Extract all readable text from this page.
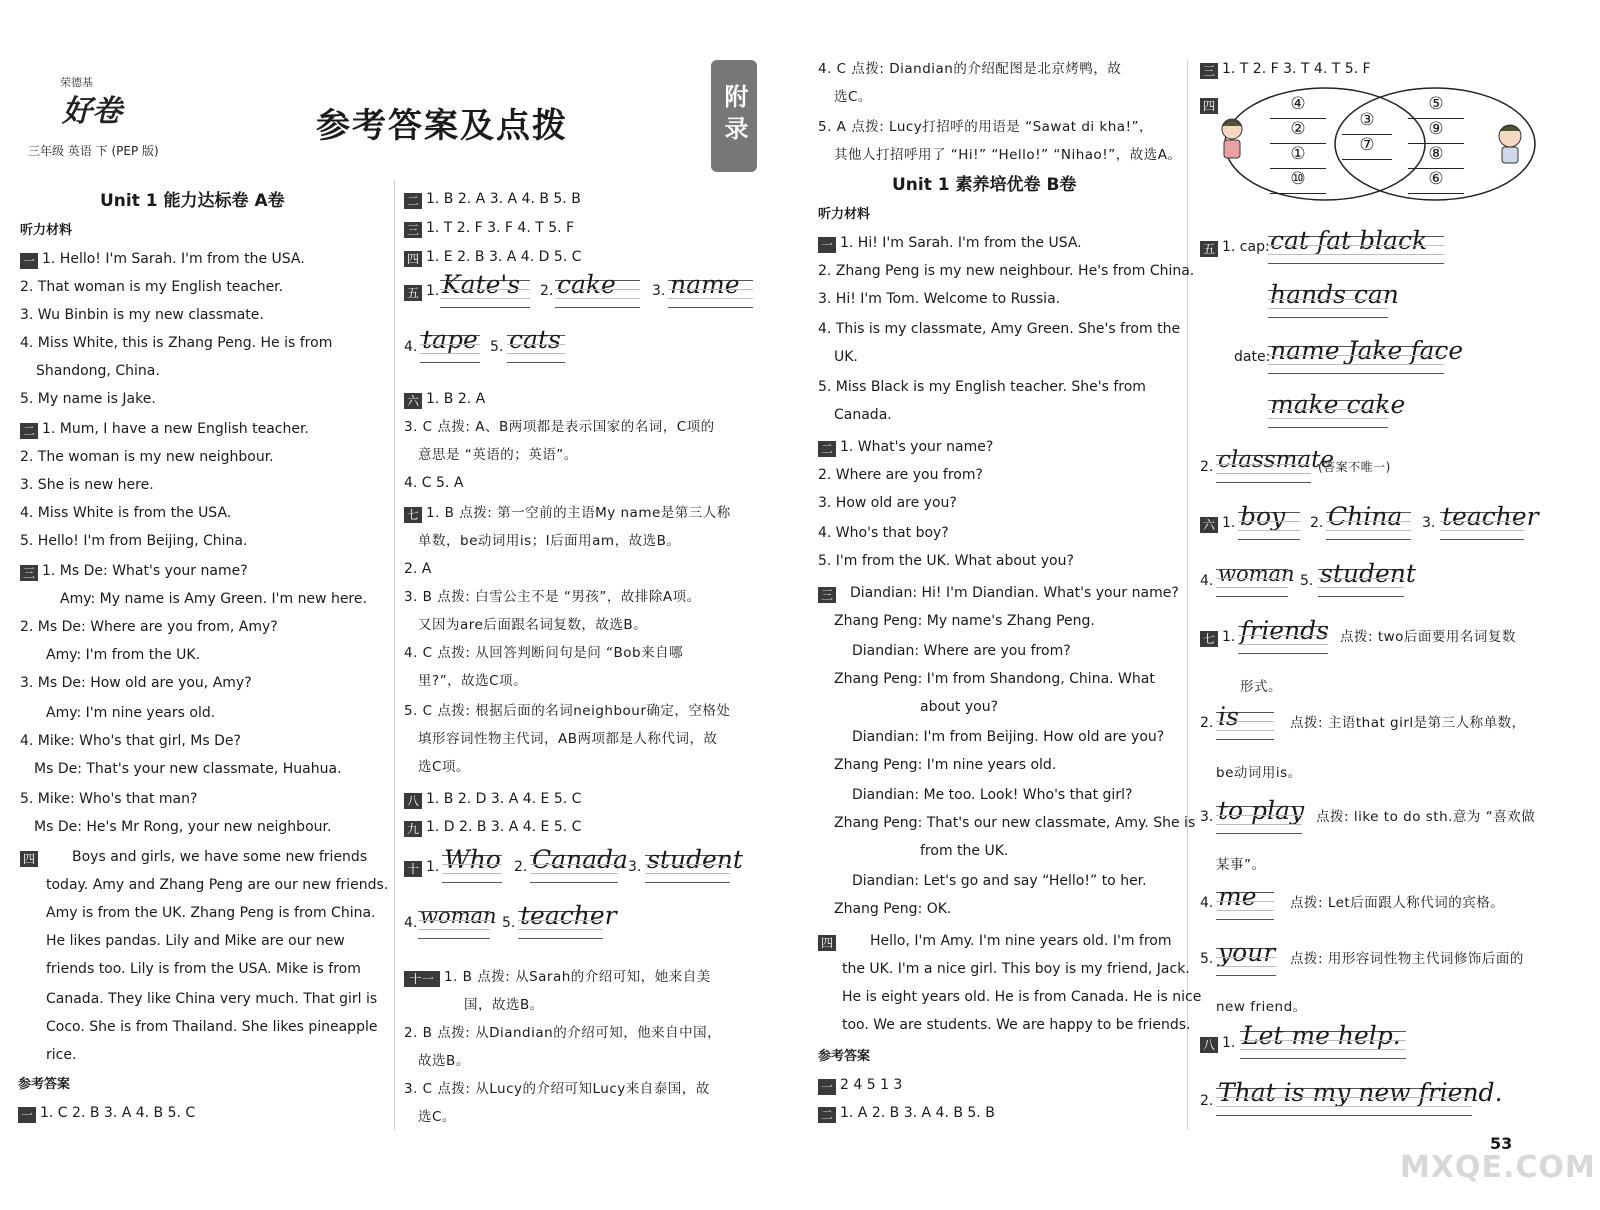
荣德基
好卷
三年级 英语 下 (PEP 版)
参考答案及点拨	附录
Unit 1 能力达标卷 A卷
听力材料
一 1. Hello! I'm Sarah. I'm from the USA.
2. That woman is my English teacher.
3. Wu Binbin is my new classmate.
4. Miss White, this is Zhang Peng. He is from
Shandong, China.
5. My name is Jake.
二 1. Mum, I have a new English teacher.
2. The woman is my new neighbour.
3. She is new here.
4. Miss White is from the USA.
5. Hello! I'm from Beijing, China.
三 1. Ms De: What's your name?
Amy: My name is Amy Green. I'm new here.
2. Ms De: Where are you from, Amy?
Amy: I'm from the UK.
3. Ms De: How old are you, Amy?
Amy: I'm nine years old.
4. Mike: Who's that girl, Ms De?
Ms De: That's your new classmate, Huahua.
5. Mike: Who's that man?
Ms De: He's Mr Rong, your new neighbour.
四	Boys and girls, we have some new friends
today. Amy and Zhang Peng are our new friends.
Amy is from the UK. Zhang Peng is from China.
He likes pandas. Lily and Mike are our new
friends too. Lily is from the USA. Mike is from
Canada. They like China very much. That girl is
Coco. She is from Thailand. She likes pineapple
rice.
参考答案
一 1. C 2. B 3. A 4. B 5. C
二 1. B 2. A 3. A 4. B 5. B
三 1. T 2. F 3. F 4. T 5. F
四 1. E 2. B 3. A 4. D 5. C
五 1. Kate's 2. cake	3. name
4. tape 5. cats
六 1. B 2. A
3. C 点拨: A、B两项都是表示国家的名词，C项的
意思是 “英语的；英语”。
4. C 5. A
七 1. B 点拨: 第一空前的主语My name是第三人称
单数，be动词用is；I后面用am，故选B。
2. A
3. B 点拨: 白雪公主不是 “男孩”，故排除A项。
又因为are后面跟名词复数，故选B。
4. C 点拨: 从回答判断问句是问 “Bob来自哪
里?”，故选C项。
5. C 点拨: 根据后面的名词neighbour确定，空格处
填形容词性物主代词，AB两项都是人称代词，故
选C项。
八 1. B 2. D 3. A 4. E 5. C
九 1. D 2. B 3. A 4. E 5. C
十 1. Who 2. Canada 3. student
4. woman 5. teacher
十一 1. B 点拨: 从Sarah的介绍可知，她来自美
国，故选B。
2. B 点拨: 从Diandian的介绍可知，他来自中国，
故选B。
3. C 点拨: 从Lucy的介绍可知Lucy来自泰国，故
选C。
4. C 点拨: Diandian的介绍配图是北京烤鸭，故
选C。
5. A 点拨: Lucy打招呼的用语是 “Sawat di kha!”，
其他人打招呼用了 “Hi!” “Hello!” “Nihao!”，故选A。
Unit 1 素养培优卷 B卷
听力材料
一 1. Hi! I'm Sarah. I'm from the USA.
2. Zhang Peng is my new neighbour. He's from China.
3. Hi! I'm Tom. Welcome to Russia.
4. This is my classmate, Amy Green. She's from the
UK.
5. Miss Black is my English teacher. She's from
Canada.
二 1. What's your name?
2. Where are you from?
3. How old are you?
4. Who's that boy?
5. I'm from the UK. What about you?
三 Diandian: Hi! I'm Diandian. What's your name?
Zhang Peng: My name's Zhang Peng.
Diandian: Where are you from?
Zhang Peng: I'm from Shandong, China. What
about you?
Diandian: I'm from Beijing. How old are you?
Zhang Peng: I'm nine years old.
Diandian: Me too. Look! Who's that girl?
Zhang Peng: That's our new classmate, Amy. She is
from the UK.
Diandian: Let's go and say “Hello!” to her.
Zhang Peng: OK.
四	Hello, I'm Amy. I'm nine years old. I'm from
the UK. I'm a nice girl. This boy is my friend, Jack.
He is eight years old. He is from Canada. He is nice
too. We are students. We are happy to be friends.
参考答案
一 2 4 5 1 3
二 1. A 2. B 3. A 4. B 5. B
三 1. T 2. F 3. T 4. T 5. F
四	④
②
①
⑩
③
⑦
⑤
⑨
⑧
⑥
五 1. cap: cat fat black
hands can
date: name Jake face
make cake
2. classmate
(答案不唯一)
六 1. boy 2. China 3. teacher
4. woman 5. student
七 1. friends 点拨: two后面要用名词复数
形式。
2. is	点拨: 主语that girl是第三人称单数，
be动词用is。
3. to play 点拨: like to do sth.意为 “喜欢做
某事”。
4. me 点拨: Let后面跟人称代词的宾格。
5. your 点拨: 用形容词性物主代词修饰后面的
new friend。
八 1. Let me help.
2. That is my new friend.
53
MXQE.COM
